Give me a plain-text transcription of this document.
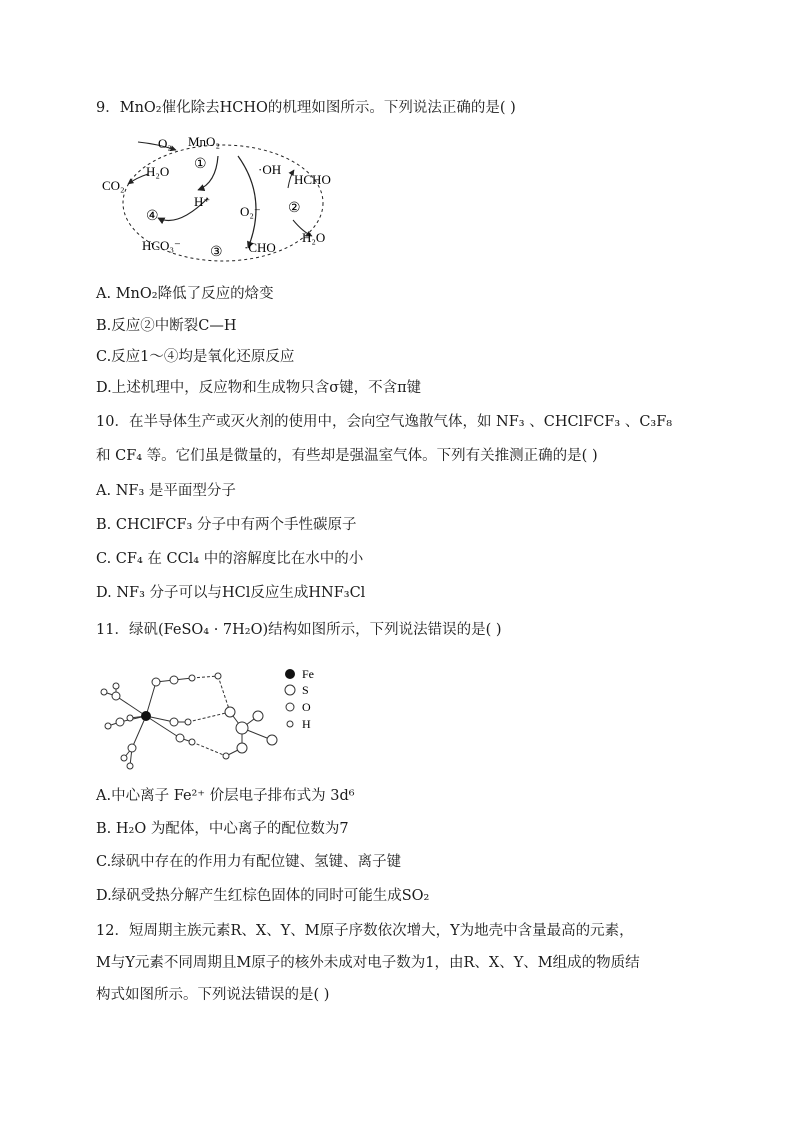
9．MnO₂催化除去HCHO的机理如图所示。下列说法正确的是( )
O₂ MnO₂
CO₂
H₂O
H⁺
·OH
HCHO
O₂⁻
H₂O
HCO₃⁻	·CHO
①
②
③
④
A. MnO₂降低了反应的焓变
B.反应②中断裂C—H
C.反应1～④均是氧化还原反应
D.上述机理中，反应物和生成物只含σ键，不含π键
10．在半导体生产或灭火剂的使用中，会向空气逸散气体，如 NF₃ 、CHClFCF₃ 、C₃F₈
和 CF₄ 等。它们虽是微量的，有些却是强温室气体。下列有关推测正确的是( )
A. NF₃ 是平面型分子
B. CHClFCF₃ 分子中有两个手性碳原子
C. CF₄ 在 CCl₄ 中的溶解度比在水中的小
D. NF₃ 分子可以与HCl反应生成HNF₃Cl
11．绿矾(FeSO₄ · 7H₂O)结构如图所示，下列说法错误的是( )
Fe
S
O
H
A.中心离子 Fe²⁺ 价层电子排布式为 3d⁶
B. H₂O 为配体，中心离子的配位数为7
C.绿矾中存在的作用力有配位键、氢键、离子键
D.绿矾受热分解产生红棕色固体的同时可能生成SO₂
12．短周期主族元素R、X、Y、M原子序数依次增大，Y为地壳中含量最高的元素，
M与Y元素不同周期且M原子的核外未成对电子数为1，由R、X、Y、M组成的物质结
构式如图所示。下列说法错误的是( )
